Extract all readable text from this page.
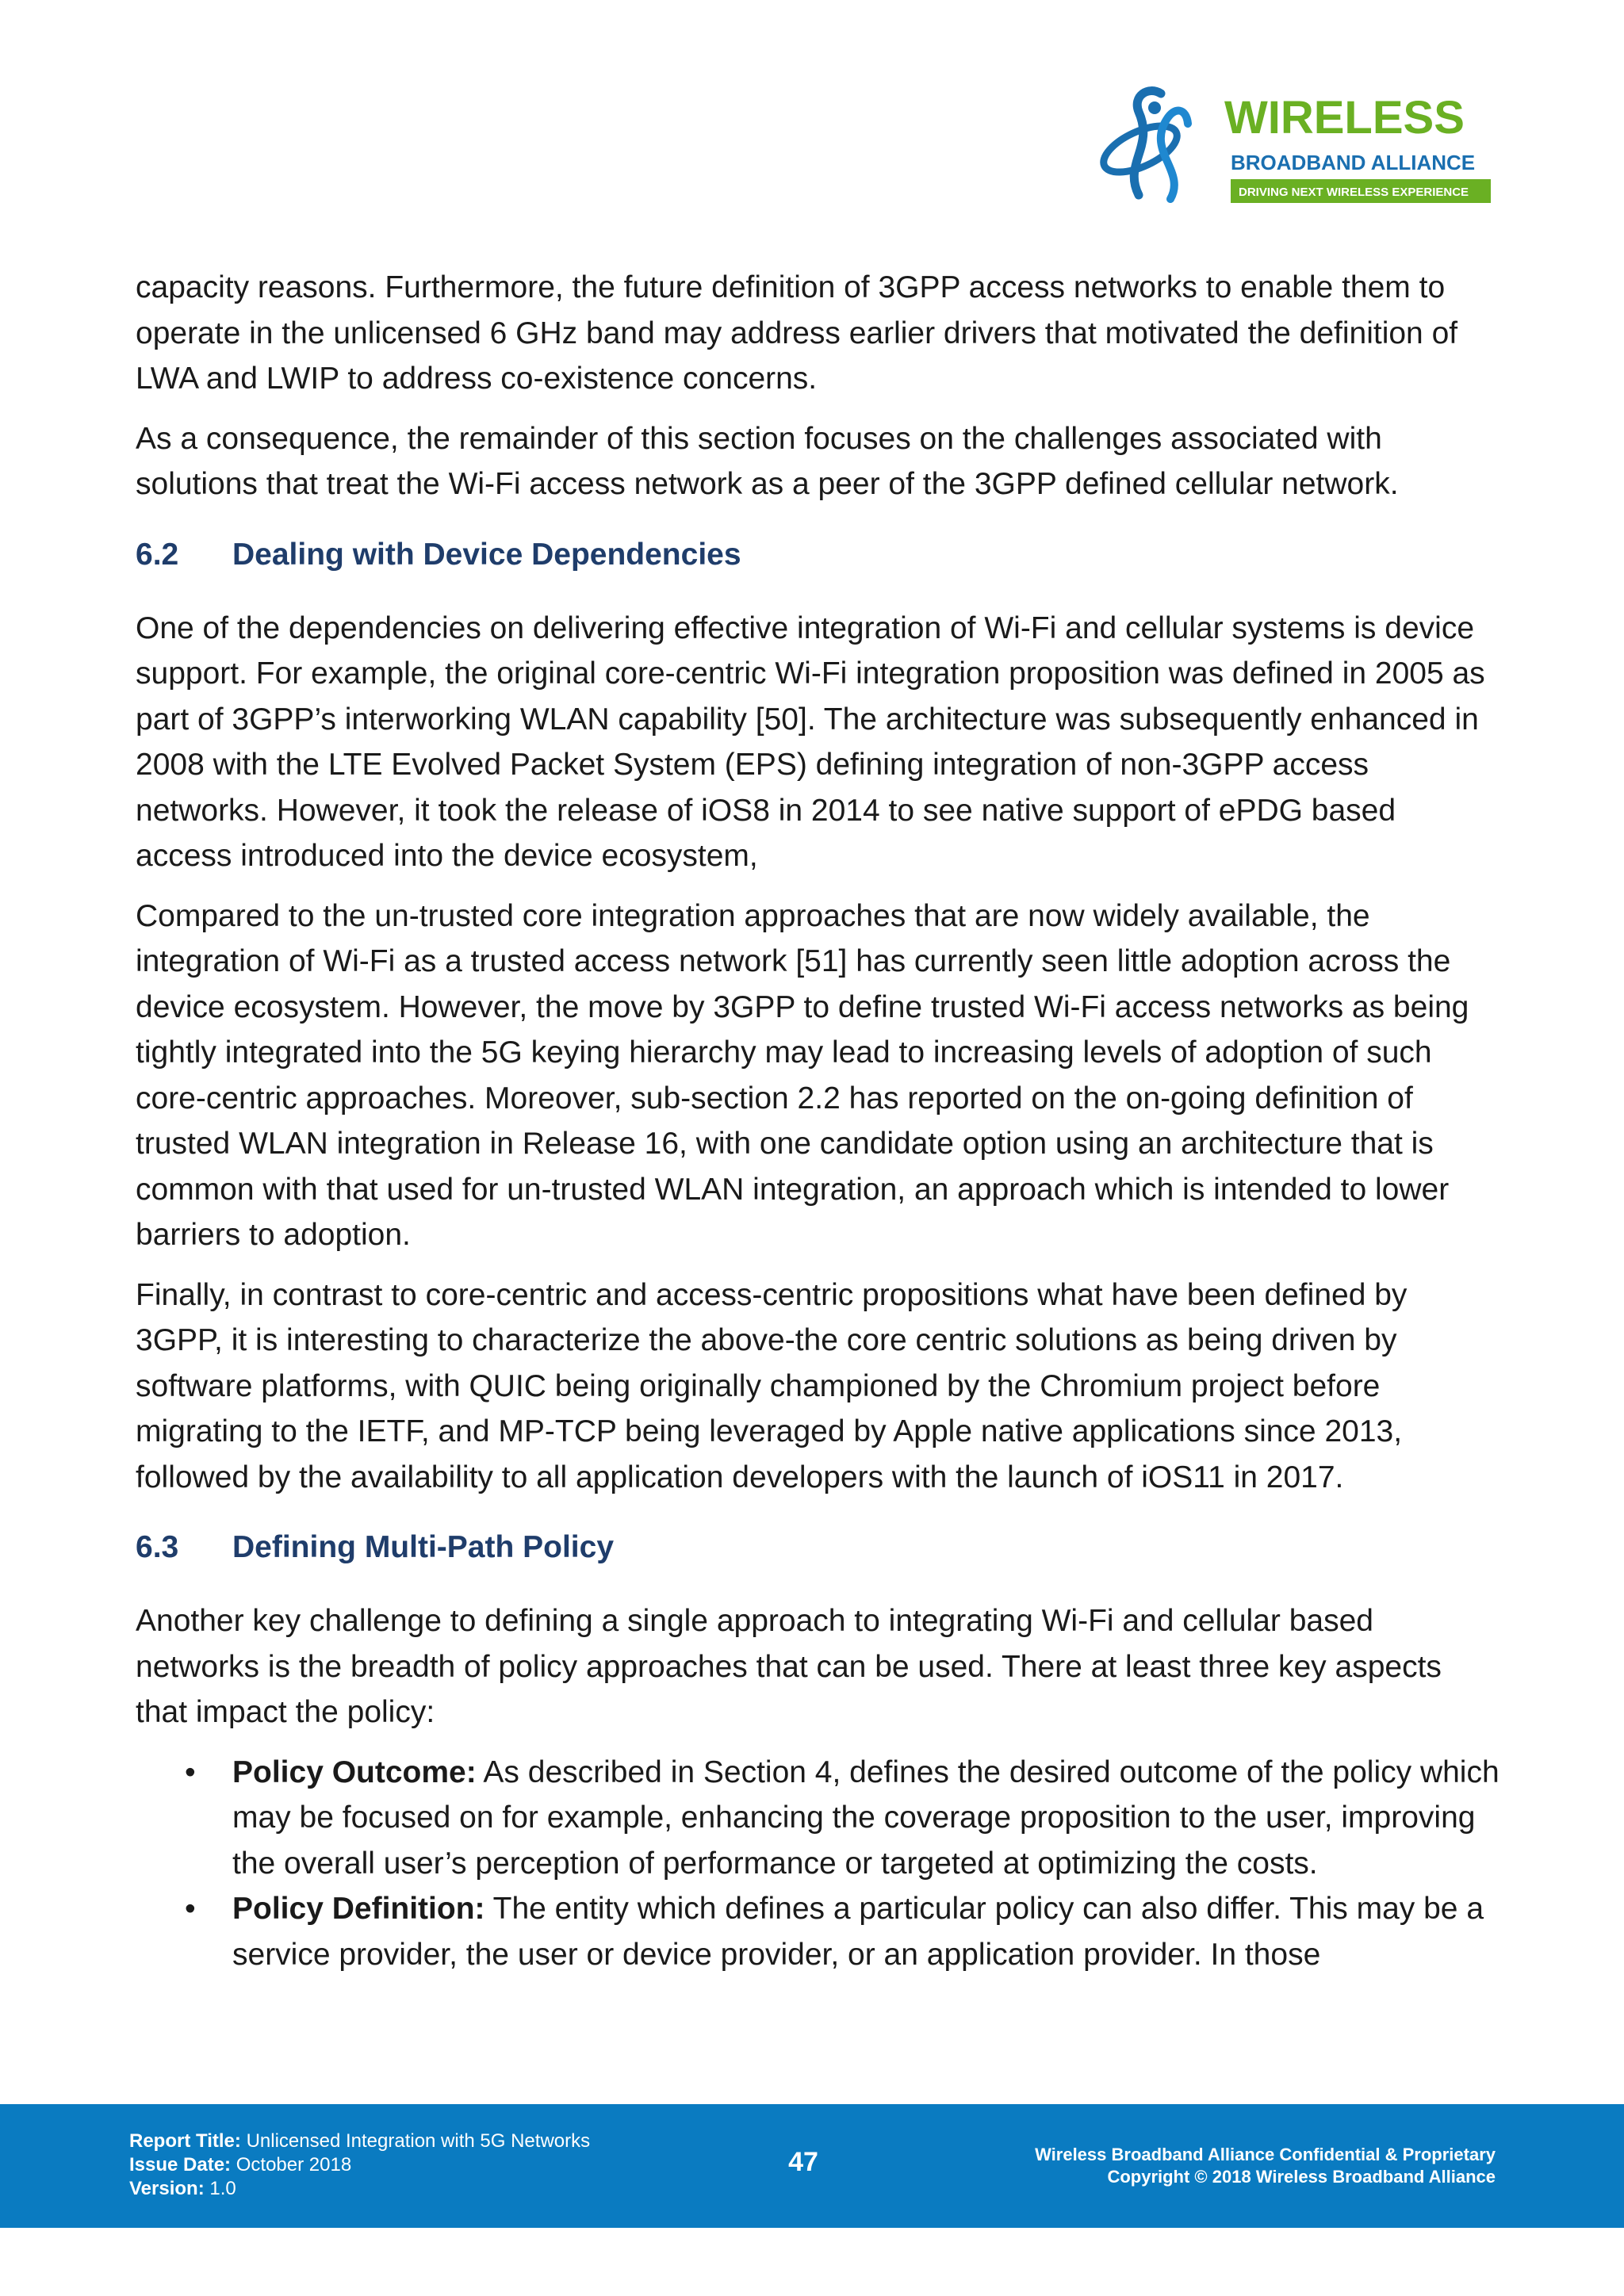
WIRELESS
BROADBAND ALLIANCE
DRIVING NEXT WIRELESS EXPERIENCE

capacity reasons. Furthermore, the future definition of 3GPP access networks to enable them to operate in the unlicensed 6 GHz band may address earlier drivers that motivated the definition of LWA and LWIP to address co-existence concerns.

As a consequence, the remainder of this section focuses on the challenges associated with solutions that treat the Wi-Fi access network as a peer of the 3GPP defined cellular network.

6.2	Dealing with Device Dependencies

One of the dependencies on delivering effective integration of Wi-Fi and cellular systems is device support. For example, the original core-centric Wi-Fi integration proposition was defined in 2005 as part of 3GPP’s interworking WLAN capability [50]. The architecture was subsequently enhanced in 2008 with the LTE Evolved Packet System (EPS) defining integration of non-3GPP access networks. However, it took the release of iOS8 in 2014 to see native support of ePDG based access introduced into the device ecosystem,

Compared to the un-trusted core integration approaches that are now widely available, the integration of Wi-Fi as a trusted access network [51] has currently seen little adoption across the device ecosystem. However, the move by 3GPP to define trusted Wi-Fi access networks as being tightly integrated into the 5G keying hierarchy may lead to increasing levels of adoption of such core-centric approaches. Moreover, sub-section 2.2 has reported on the on-going definition of trusted WLAN integration in Release 16, with one candidate option using an architecture that is common with that used for un-trusted WLAN integration, an approach which is intended to lower barriers to adoption.

Finally, in contrast to core-centric and access-centric propositions what have been defined by 3GPP, it is interesting to characterize the above-the core centric solutions as being driven by software platforms, with QUIC being originally championed by the Chromium project before migrating to the IETF, and MP-TCP being leveraged by Apple native applications since 2013, followed by the availability to all application developers with the launch of iOS11 in 2017.

6.3	Defining Multi-Path Policy

Another key challenge to defining a single approach to integrating Wi-Fi and cellular based networks is the breadth of policy approaches that can be used. There at least three key aspects that impact the policy:

• Policy Outcome: As described in Section 4, defines the desired outcome of the policy which may be focused on for example, enhancing the coverage proposition to the user, improving the overall user’s perception of performance or targeted at optimizing the costs.
• Policy Definition: The entity which defines a particular policy can also differ. This may be a service provider, the user or device provider, or an application provider. In those
Report Title: Unlicensed Integration with 5G Networks
Issue Date: October 2018
Version: 1.0
47	Wireless Broadband Alliance Confidential & Proprietary
Copyright © 2018 Wireless Broadband Alliance
